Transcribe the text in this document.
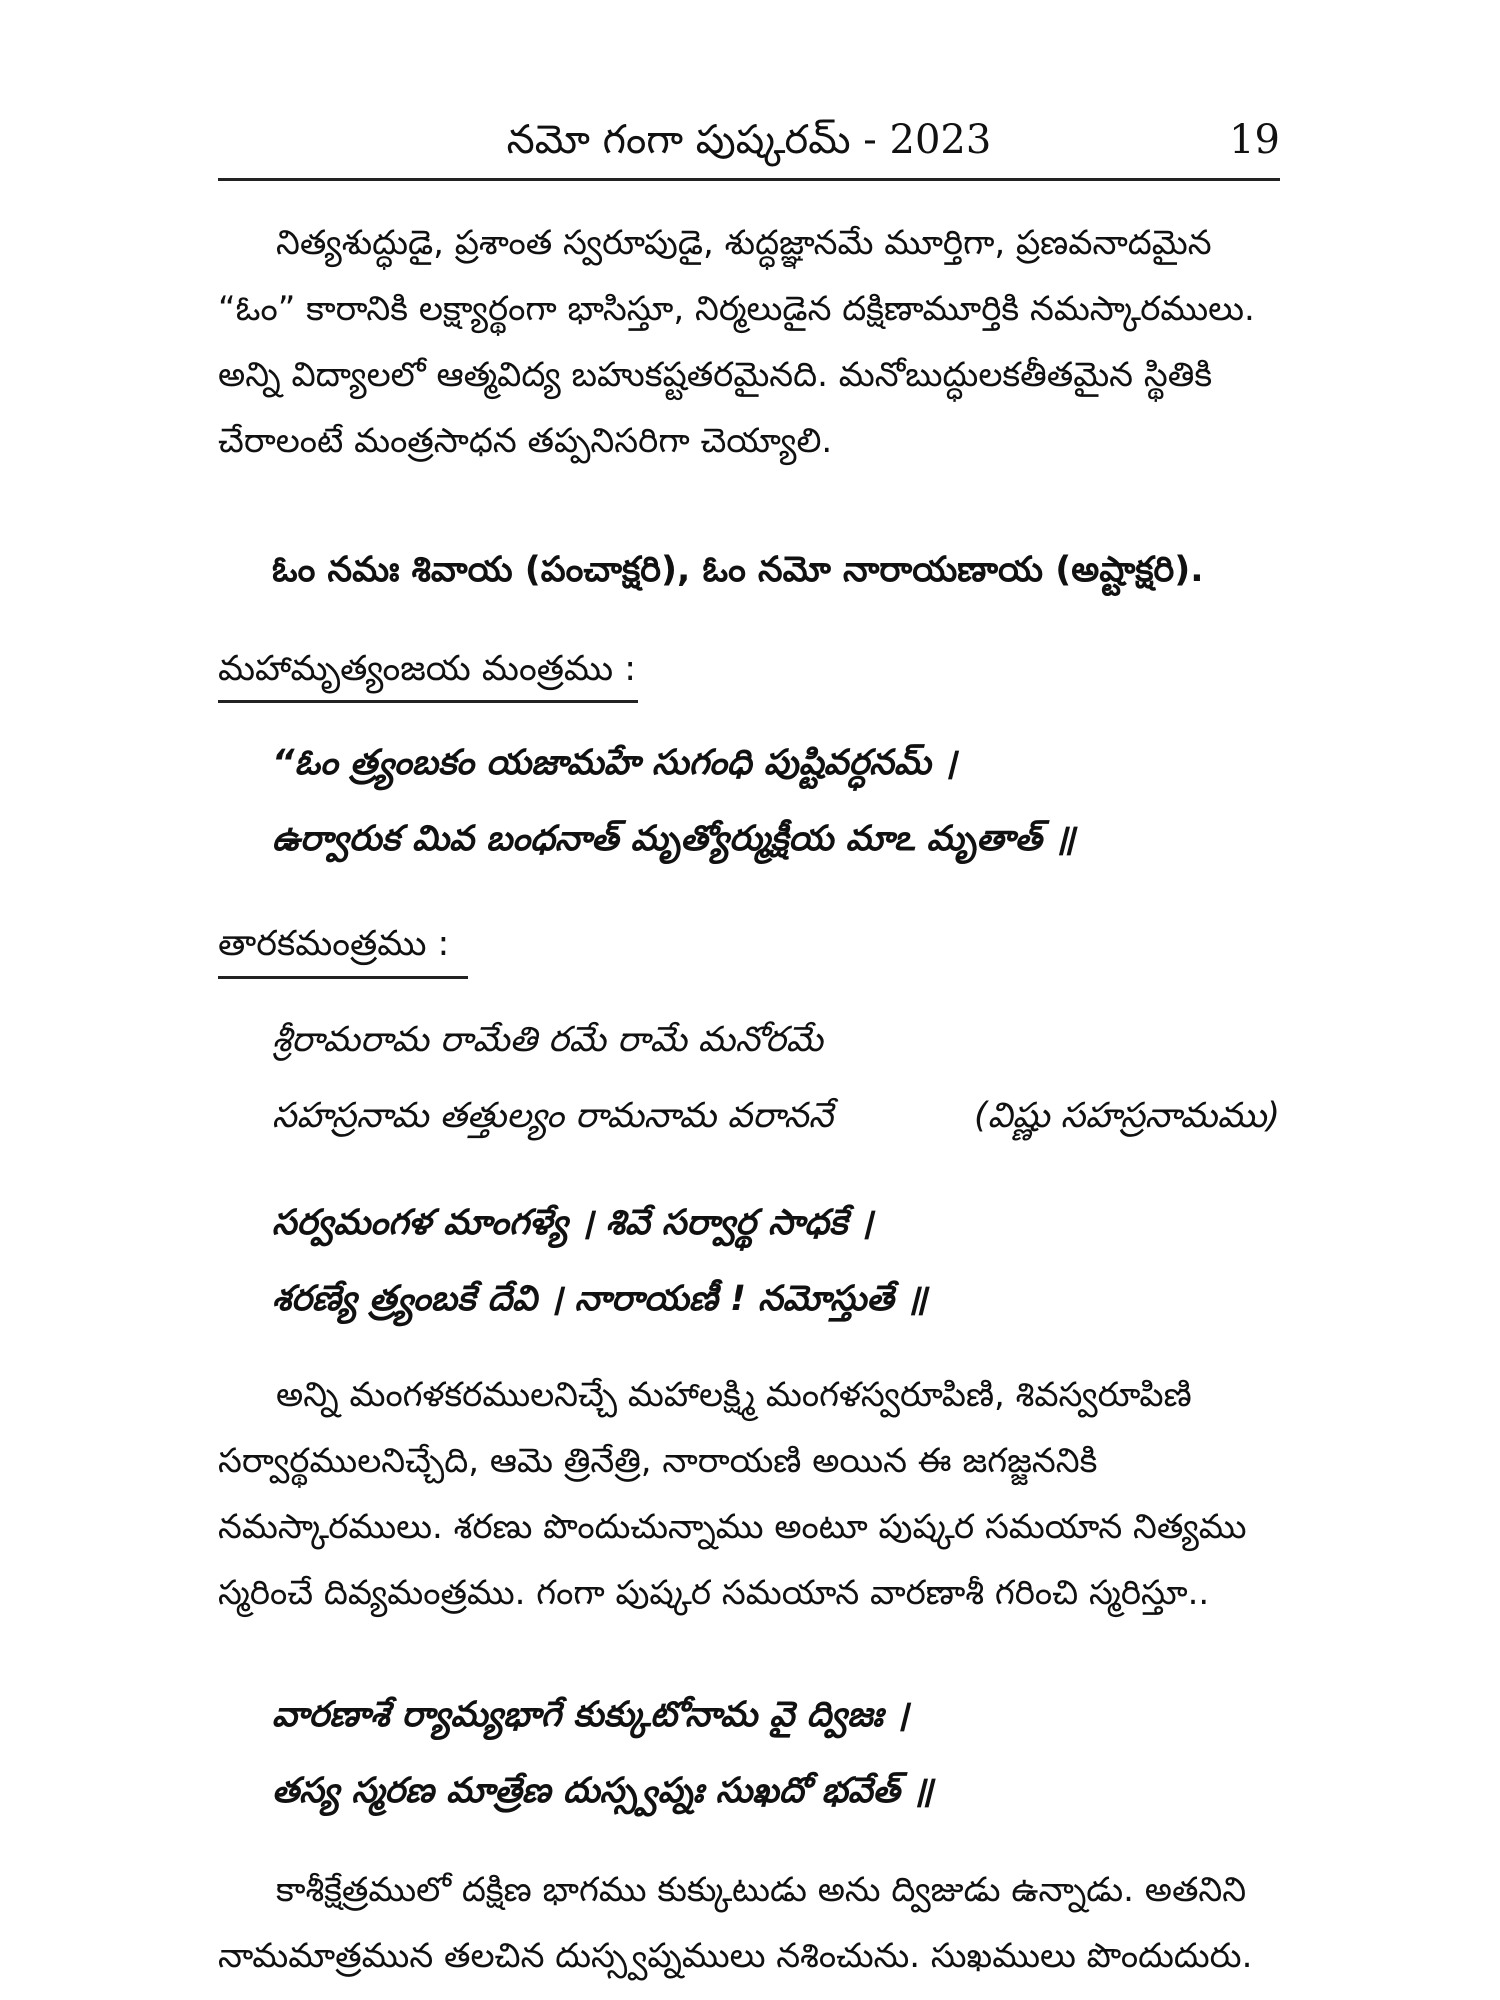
నమో గంగా పుష్కరమ్ - 2023	19
నిత్యశుద్ధుడై, ప్రశాంత స్వరూపుడై, శుద్ధజ్ఞానమే మూర్తిగా, ప్రణవనాదమైన
“ఓం” కారానికి లక్ష్యార్థంగా భాసిస్తూ, నిర్మలుడైన దక్షిణామూర్తికి నమస్కారములు.
అన్ని విద్యాలలో ఆత్మవిద్య బహుకష్టతరమైనది. మనోబుద్ధులకతీతమైన స్థితికి
చేరాలంటే మంత్రసాధన తప్పనిసరిగా చెయ్యాలి.
ఓం నమః శివాయ (పంచాక్షరి), ఓం నమో నారాయణాయ (అష్టాక్షరి).
మహామృత్యంజయ మంత్రము :
“ఓం త్ర్యంబకం యజామహే సుగంధి పుష్టివర్ధనమ్ ।
ఉర్వారుక మివ బంధనాత్ మృత్యోర్ముక్షీయ మాఽ మృతాత్ ॥
తారకమంత్రము :
శ్రీరామరామ రామేతి రమే రామే మనోరమే
సహస్రనామ తత్తుల్యం రామనామ వరాననే	(విష్ణు సహస్రనామము)
సర్వమంగళ మాంగళ్యే । శివే సర్వార్థ సాధకే ।
శరణ్యే త్ర్యంబకే దేవి । నారాయణీ ! నమోస్తుతే ॥
అన్ని మంగళకరములనిచ్చే మహాలక్ష్మి మంగళస్వరూపిణి, శివస్వరూపిణి
సర్వార్థములనిచ్చేది, ఆమె త్రినేత్రి, నారాయణి అయిన ఈ జగజ్జననికి
నమస్కారములు. శరణు పొందుచున్నాము అంటూ పుష్కర సమయాన నిత్యము
స్మరించే దివ్యమంత్రము. గంగా పుష్కర సమయాన వారణాశీ గరించి స్మరిస్తూ..
వారణాశే ర్యామ్యభాగే కుక్కుటోనామ వై ద్విజః ।
తస్య స్మరణ మాత్రేణ దుస్స్వప్నః సుఖదో భవేత్ ॥
కాశీక్షేత్రములో దక్షిణ భాగము కుక్కుటుడు అను ద్విజుడు ఉన్నాడు. అతనిని
నామమాత్రమున తలచిన దుస్స్వప్నములు నశించును. సుఖములు పొందుదురు.
